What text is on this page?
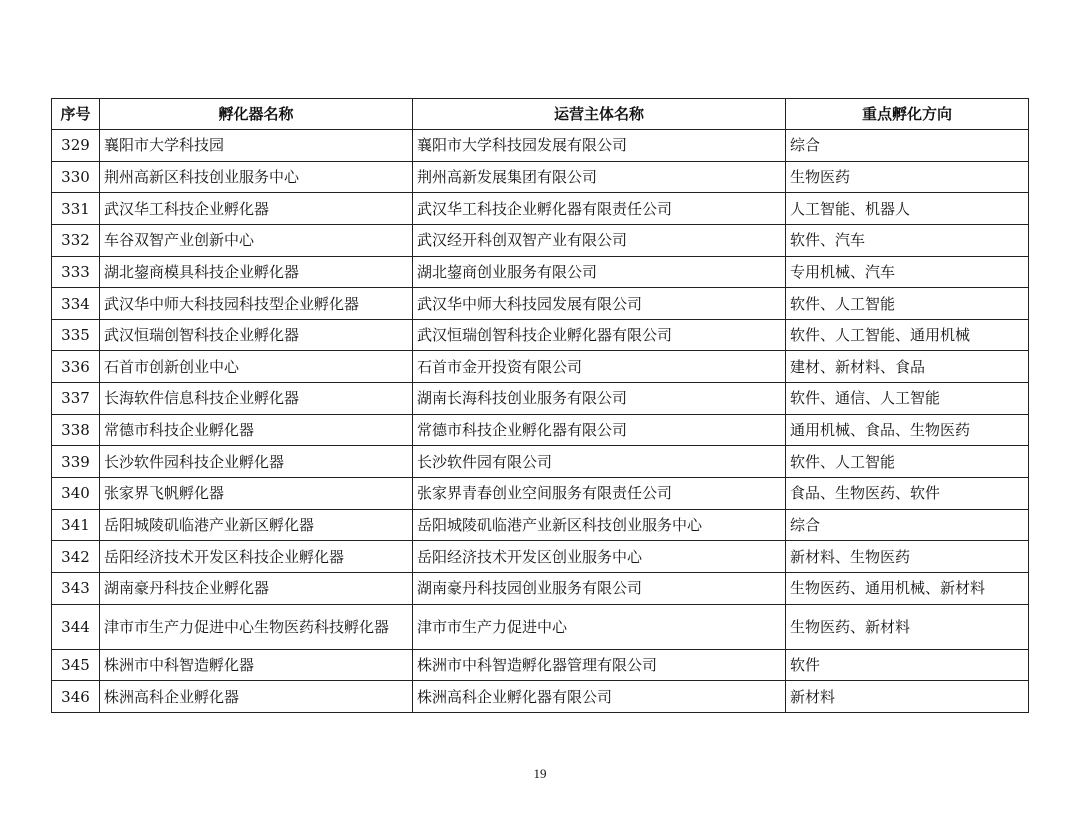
序号	孵化器名称	运营主体名称	重点孵化方向
329	襄阳市大学科技园	襄阳市大学科技园发展有限公司	综合
330	荆州高新区科技创业服务中心	荆州高新发展集团有限公司	生物医药
331	武汉华工科技企业孵化器	武汉华工科技企业孵化器有限责任公司	人工智能、机器人
332	车谷双智产业创新中心	武汉经开科创双智产业有限公司	软件、汽车
333	湖北鋆商模具科技企业孵化器	湖北鋆商创业服务有限公司	专用机械、汽车
334	武汉华中师大科技园科技型企业孵化器	武汉华中师大科技园发展有限公司	软件、人工智能
335	武汉恒瑞创智科技企业孵化器	武汉恒瑞创智科技企业孵化器有限公司	软件、人工智能、通用机械
336	石首市创新创业中心	石首市金开投资有限公司	建材、新材料、食品
337	长海软件信息科技企业孵化器	湖南长海科技创业服务有限公司	软件、通信、人工智能
338	常德市科技企业孵化器	常德市科技企业孵化器有限公司	通用机械、食品、生物医药
339	长沙软件园科技企业孵化器	长沙软件园有限公司	软件、人工智能
340	张家界飞帆孵化器	张家界青春创业空间服务有限责任公司	食品、生物医药、软件
341	岳阳城陵矶临港产业新区孵化器	岳阳城陵矶临港产业新区科技创业服务中心	综合
342	岳阳经济技术开发区科技企业孵化器	岳阳经济技术开发区创业服务中心	新材料、生物医药
343	湖南豪丹科技企业孵化器	湖南豪丹科技园创业服务有限公司	生物医药、通用机械、新材料
344	津市市生产力促进中心生物医药科技孵化器	津市市生产力促进中心	生物医药、新材料
345	株洲市中科智造孵化器	株洲市中科智造孵化器管理有限公司	软件
346	株洲高科企业孵化器	株洲高科企业孵化器有限公司	新材料
19
